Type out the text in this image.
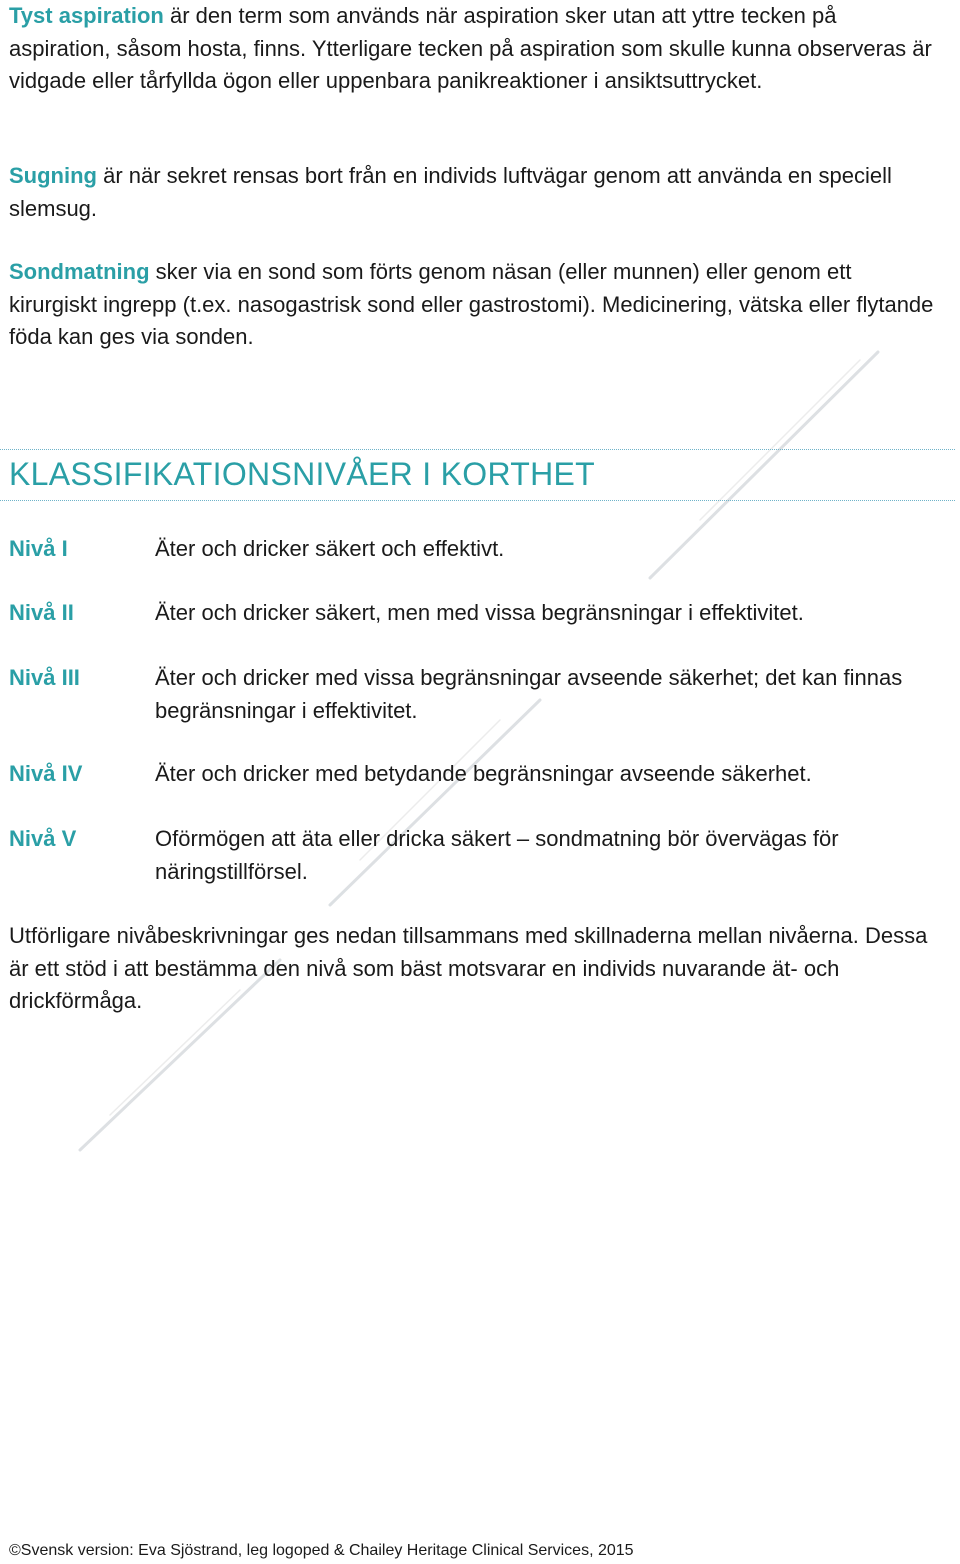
Tyst aspiration är den term som används när aspiration sker utan att yttre tecken på aspiration, såsom hosta, finns. Ytterligare tecken på aspiration som skulle kunna observeras är vidgade eller tårfyllda ögon eller uppenbara panikreaktioner i ansiktsuttrycket.

Sugning är när sekret rensas bort från en individs luftvägar genom att använda en speciell slemsug.

Sondmatning sker via en sond som förts genom näsan (eller munnen) eller genom ett kirurgiskt ingrepp (t.ex. nasogastrisk sond eller gastrostomi). Medicinering, vätska eller flytande föda kan ges via sonden.

KLASSIFIKATIONSNIVÅER I KORTHET
Nivå I	Äter och dricker säkert och effektivt.
Nivå II	Äter och dricker säkert, men med vissa begränsningar i effektivitet.
Nivå III	Äter och dricker med vissa begränsningar avseende säkerhet; det kan finnas begränsningar i effektivitet.
Nivå IV	Äter och dricker med betydande begränsningar avseende säkerhet.
Nivå V	Oförmögen att äta eller dricka säkert – sondmatning bör övervägas för näringstillförsel.

Utförligare nivåbeskrivningar ges nedan tillsammans med skillnaderna mellan nivåerna. Dessa är ett stöd i att bestämma den nivå som bäst motsvarar en individs nuvarande ät- och drickförmåga.

©Svensk version: Eva Sjöstrand, leg logoped & Chailey Heritage Clinical Services, 2015
